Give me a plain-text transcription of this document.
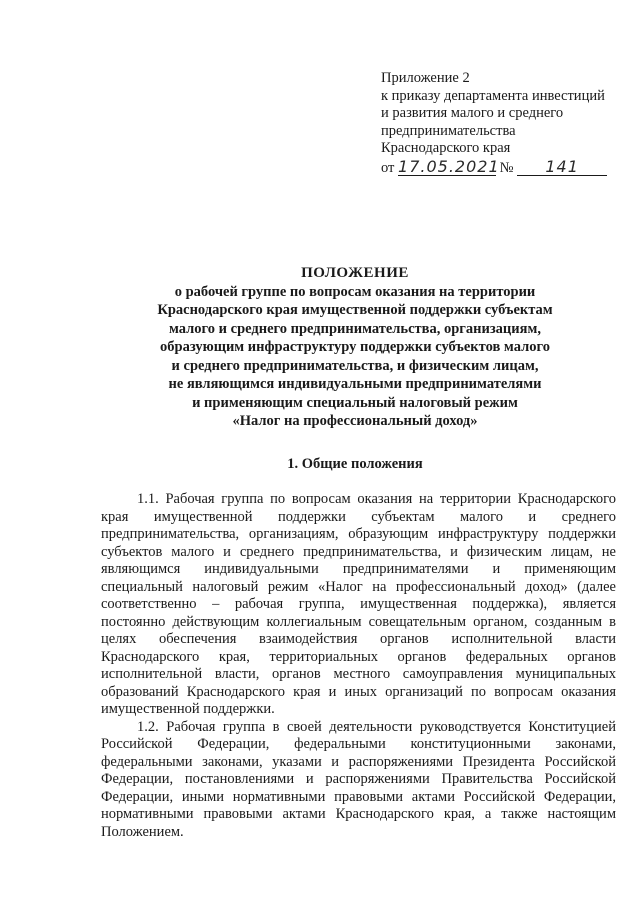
Приложение 2
к приказу департамента инвестиций
и развития малого и среднего
предпринимательства
Краснодарского края
от 17.05.2021 № 141
ПОЛОЖЕНИЕ
о рабочей группе по вопросам оказания на территории
Краснодарского края имущественной поддержки субъектам
малого и среднего предпринимательства, организациям,
образующим инфраструктуру поддержки субъектов малого
и среднего предпринимательства, и физическим лицам,
не являющимся индивидуальными предпринимателями
и применяющим специальный налоговый режим
«Налог на профессиональный доход»
1. Общие положения
1.1. Рабочая группа по вопросам оказания на территории Краснодарского
края имущественной поддержки субъектам малого и среднего
предпринимательства, организациям, образующим инфраструктуру поддержки
субъектов малого и среднего предпринимательства, и физическим лицам, не
являющимся индивидуальными предпринимателями и применяющим
специальный налоговый режим «Налог на профессиональный доход» (далее
соответственно – рабочая группа, имущественная поддержка), является
постоянно действующим коллегиальным совещательным органом, созданным в
целях обеспечения взаимодействия органов исполнительной власти
Краснодарского края, территориальных органов федеральных органов
исполнительной власти, органов местного самоуправления муниципальных
образований Краснодарского края и иных организаций по вопросам оказания
имущественной поддержки.
1.2. Рабочая группа в своей деятельности руководствуется Конституцией
Российской Федерации, федеральными конституционными законами,
федеральными законами, указами и распоряжениями Президента Российской
Федерации, постановлениями и распоряжениями Правительства Российской
Федерации, иными нормативными правовыми актами Российской Федерации,
нормативными правовыми актами Краснодарского края, а также настоящим
Положением.
